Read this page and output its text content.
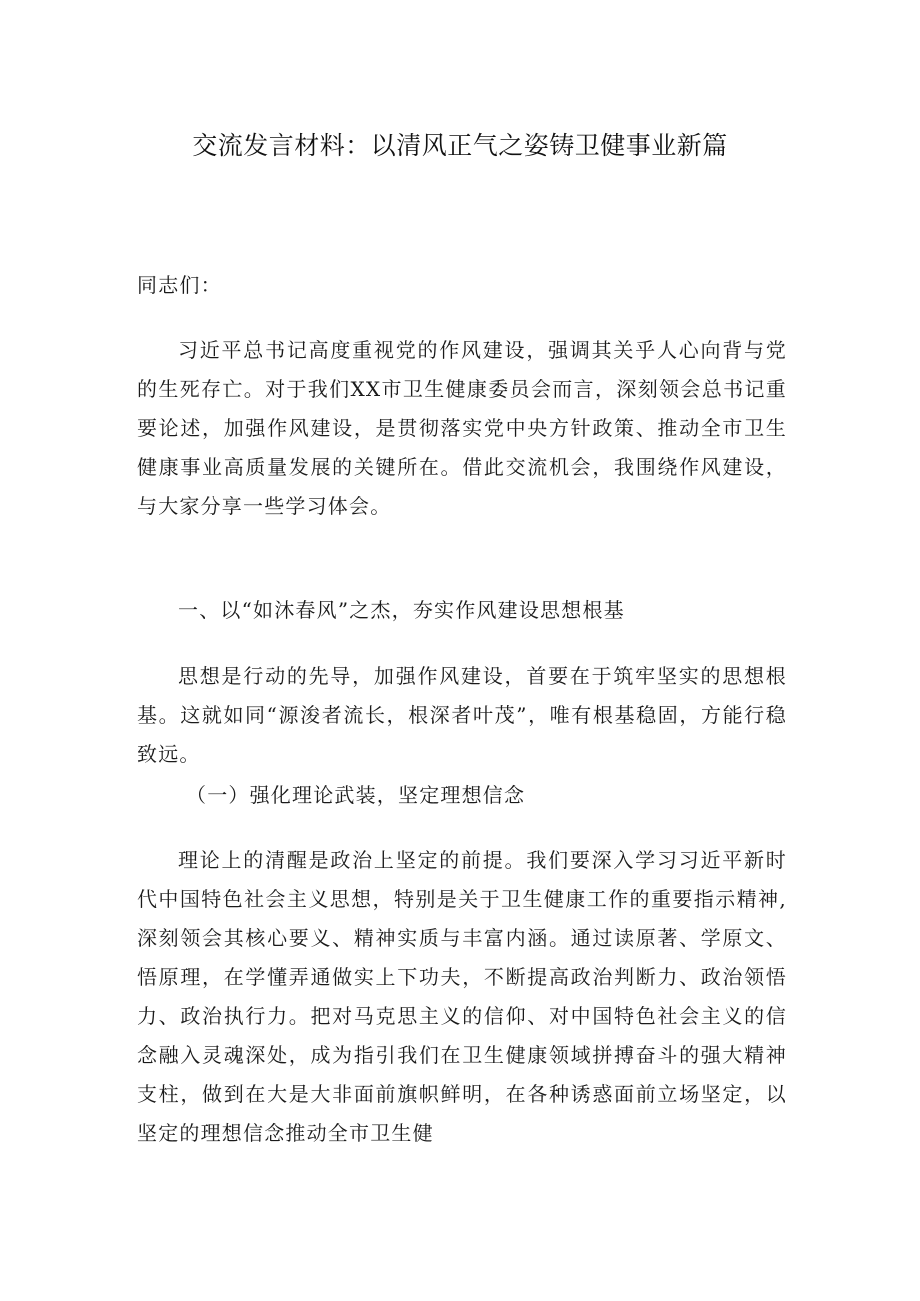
交流发言材料：以清风正气之姿铸卫健事业新篇

同志们：

习近平总书记高度重视党的作风建设，强调其关乎人心向背与党的生死存亡。对于我们XX市卫生健康委员会而言，深刻领会总书记重要论述，加强作风建设，是贯彻落实党中央方针政策、推动全市卫生健康事业高质量发展的关键所在。借此交流机会，我围绕作风建设，与大家分享一些学习体会。

一、以“如沐春风”之杰，夯实作风建设思想根基

思想是行动的先导，加强作风建设，首要在于筑牢坚实的思想根基。这就如同“源浚者流长，根深者叶茂”，唯有根基稳固，方能行稳致远。

（一）强化理论武装，坚定理想信念

理论上的清醒是政治上坚定的前提。我们要深入学习习近平新时代中国特色社会主义思想，特别是关于卫生健康工作的重要指示精神,深刻领会其核心要义、精神实质与丰富内涵。通过读原著、学原文、悟原理，在学懂弄通做实上下功夫，不断提高政治判断力、政治领悟力、政治执行力。把对马克思主义的信仰、对中国特色社会主义的信念融入灵魂深处，成为指引我们在卫生健康领域拼搏奋斗的强大精神支柱，做到在大是大非面前旗帜鲜明，在各种诱惑面前立场坚定，以坚定的理想信念推动全市卫生健
